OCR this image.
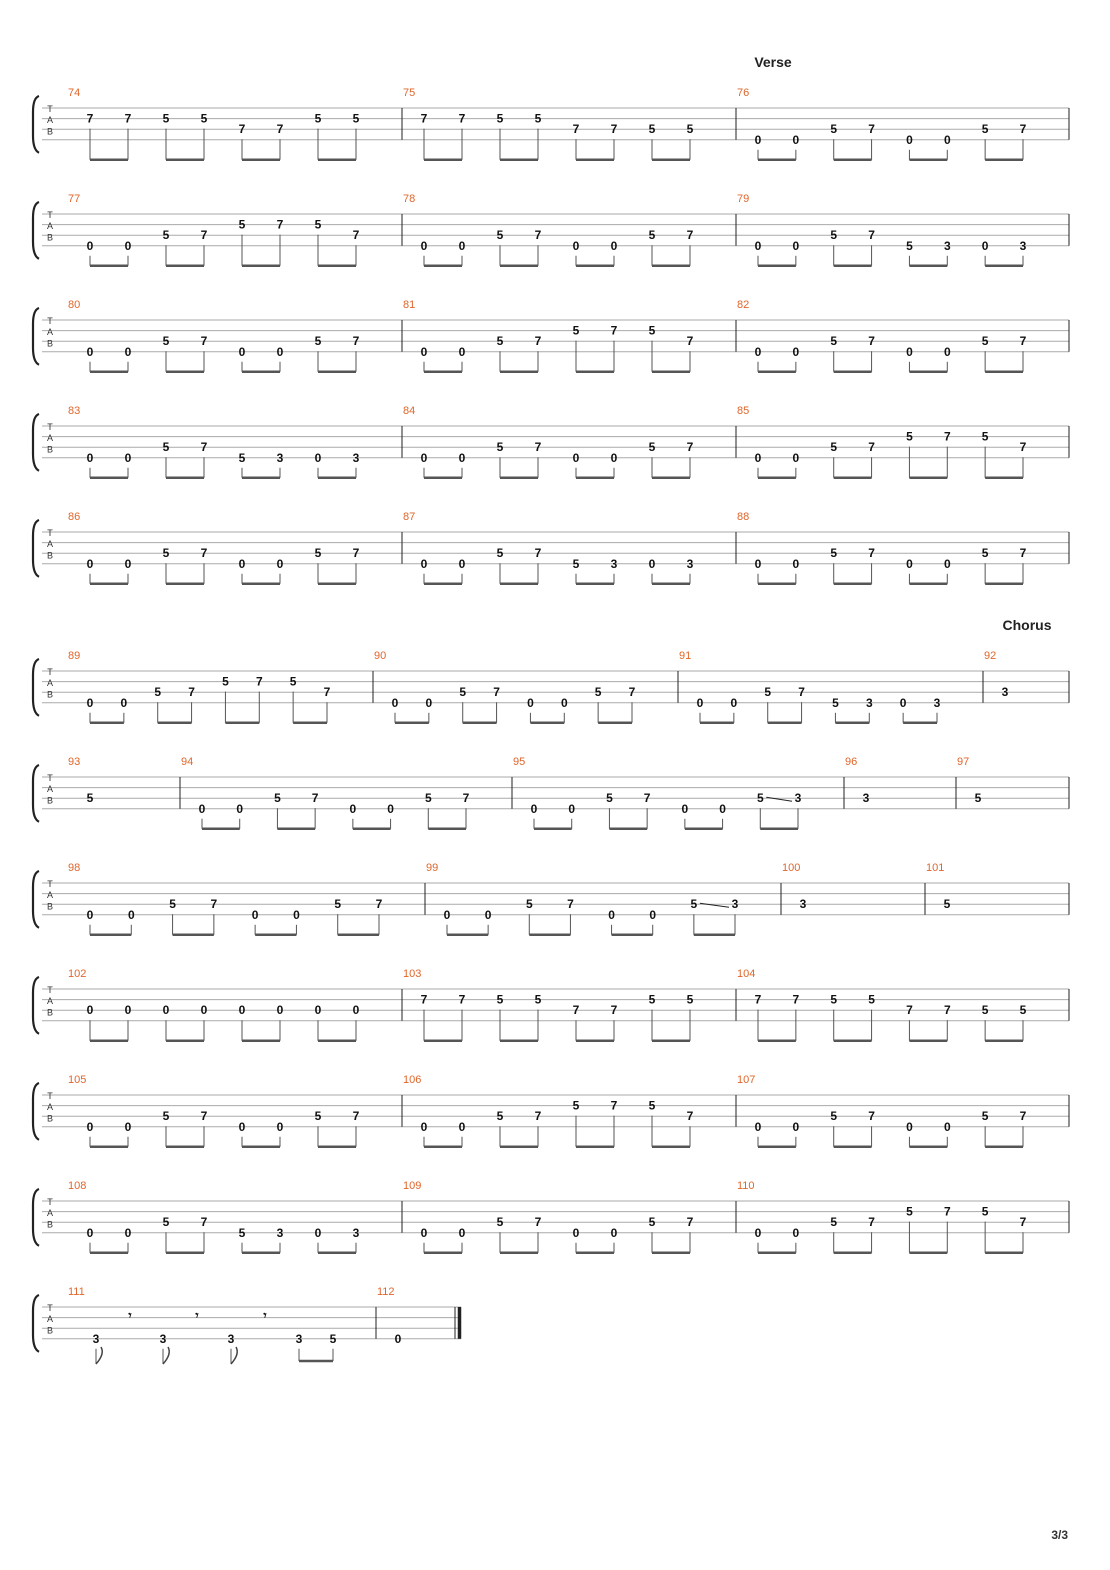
T
A
B
Verse
74
7	7	5	5
7	7
5	5
75
7	7	5	5
7	7	5	5
76
0	0
5	7
0	0
5	7
T
A
B
77
0	0
5	7
5	7	5
7
78
0	0
5	7
0	0
5	7
79
0	0
5	7
5	3	0	3
T
A
B
80
0	0
5	7
0	0
5	7
81
0	0
5	7
5	7	5
7
82
0	0
5	7
0	0
5	7
T
A
B
83
0	0
5	7
5	3	0	3
84
0	0
5	7
0	0
5	7
85
0	0
5	7
5	7	5
7
T
A
B
86
0	0
5	7
0	0
5	7
87
0	0
5	7
5	3	0	3
88
0	0
5	7
0	0
5	7
T
A
B
Chorus
89
0 0
5 7
5 7 5
7
90
0 0
5 7
0 0
5 7
91
0 0
5 7
5 3 0 3
92
3
T
A
B
93
5
94
0	0
5	7
0	0
5	7
95
0	0
5	7
0	0
5	3
96
3
97
5
T
A
B
98
0	0
5	7
0	0
5	7
99
0	0
5	7
0	0
5	3
100
3
101
5
T
A
B
102
0	0	0	0	0	0	0	0
103
7	7	5	5
7	7
5	5
104
7	7	5	5
7	7	5	5
T
A
B
105
0	0
5	7
0	0
5	7
106
0	0
5	7
5	7	5
7
107
0	0
5	7
0	0
5	7
T
A
B
108
0	0
5	7
5	3	0	3
109
0	0
5	7
0	0
5	7
110
0	0
5	7
5	7	5
7
T
A
B
111
3
𝄾
3
𝄾
3
𝄾
3 5
112
0
3/3
